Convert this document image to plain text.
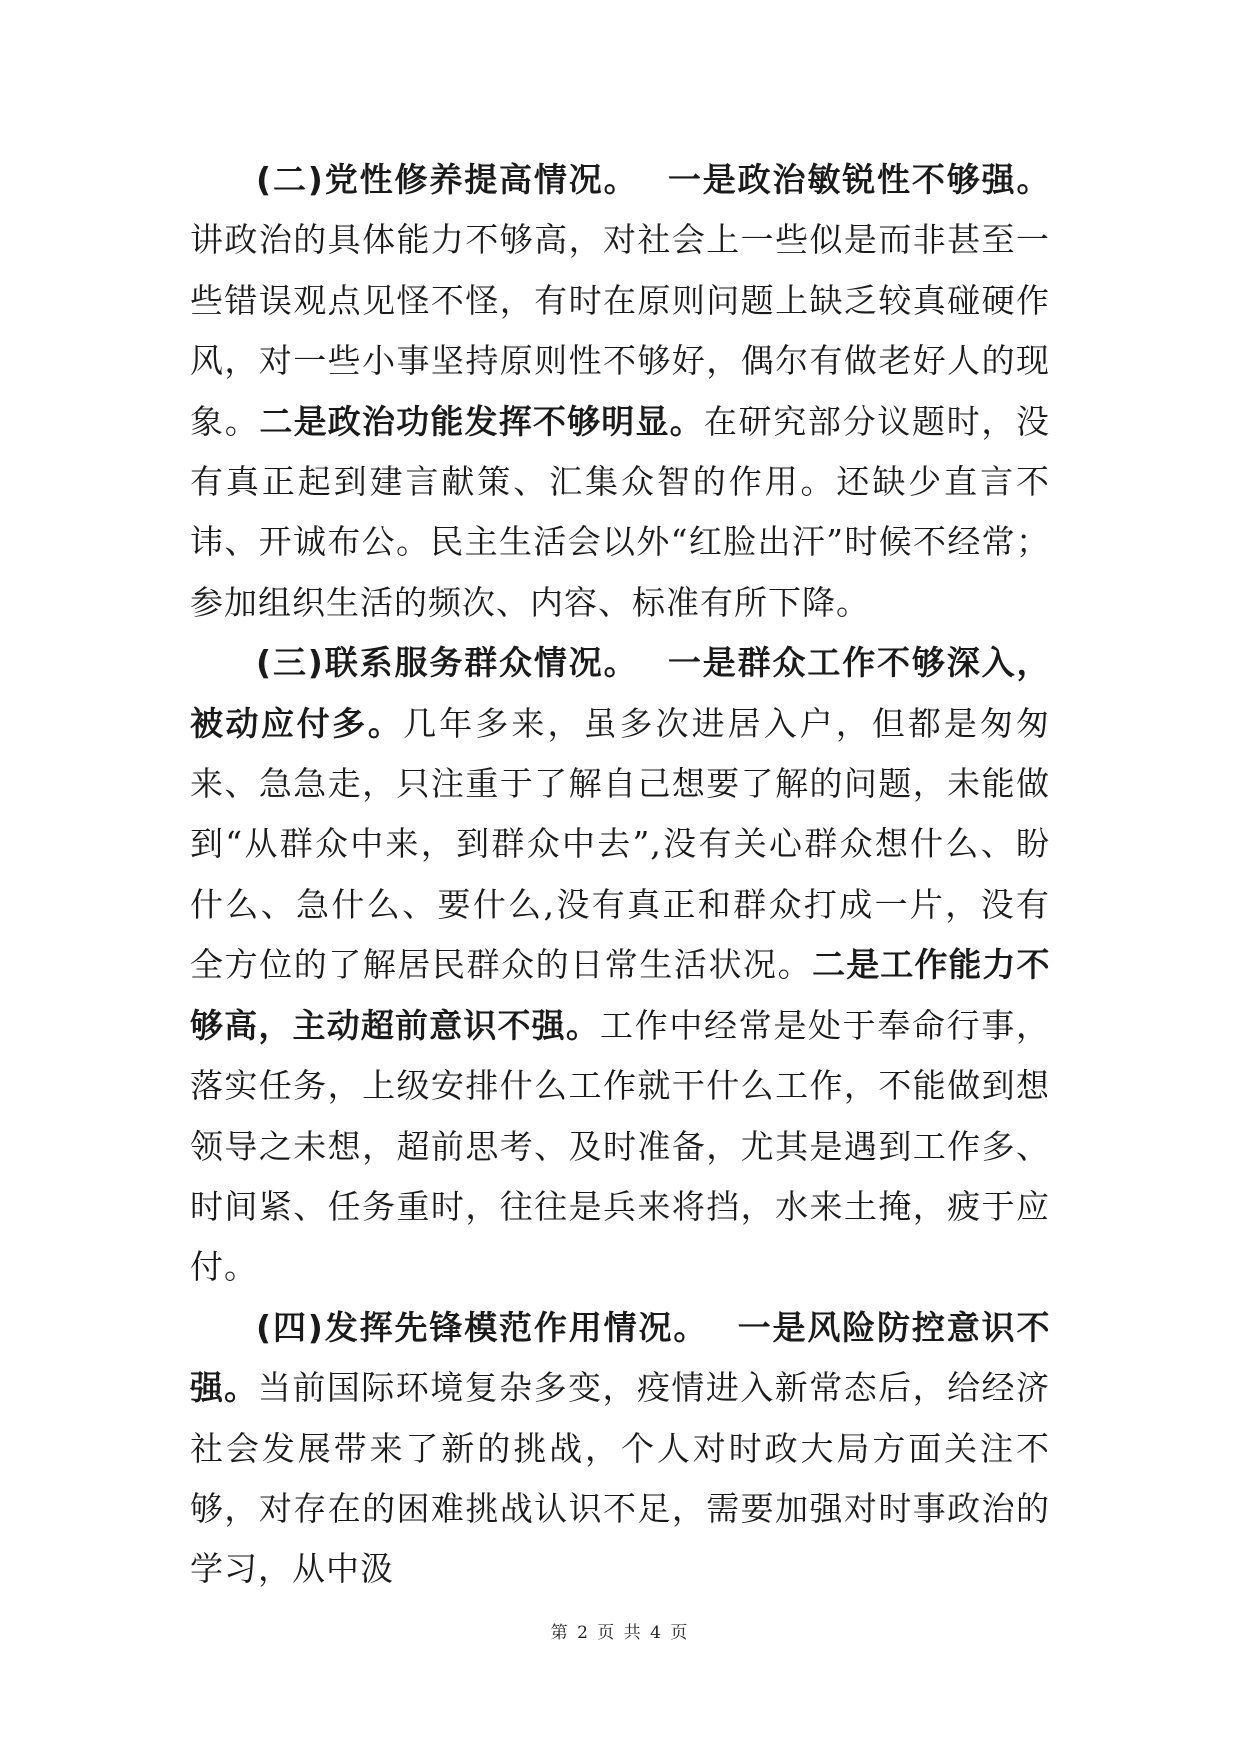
(二)党性修养提高情况。 一是政治敏锐性不够强。讲政治的具体能力不够高，对社会上一些似是而非甚至一些错误观点见怪不怪，有时在原则问题上缺乏较真碰硬作风，对一些小事坚持原则性不够好，偶尔有做老好人的现象。二是政治功能发挥不够明显。在研究部分议题时，没有真正起到建言献策、汇集众智的作用。还缺少直言不讳、开诚布公。民主生活会以外“红脸出汗”时候不经常；参加组织生活的频次、内容、标准有所下降。

(三)联系服务群众情况。 一是群众工作不够深入，被动应付多。几年多来，虽多次进居入户，但都是匆匆来、急急走，只注重于了解自己想要了解的问题，未能做到“从群众中来，到群众中去”,没有关心群众想什么、盼什么、急什么、要什么,没有真正和群众打成一片，没有全方位的了解居民群众的日常生活状况。二是工作能力不够高，主动超前意识不强。工作中经常是处于奉命行事，落实任务，上级安排什么工作就干什么工作，不能做到想领导之未想，超前思考、及时准备，尤其是遇到工作多、时间紧、任务重时，往往是兵来将挡，水来土掩，疲于应付。

(四)发挥先锋模范作用情况。 一是风险防控意识不强。当前国际环境复杂多变，疫情进入新常态后，给经济社会发展带来了新的挑战，个人对时政大局方面关注不够，对存在的困难挑战认识不足，需要加强对时事政治的学习，从中汲

第 2 页 共 4 页
